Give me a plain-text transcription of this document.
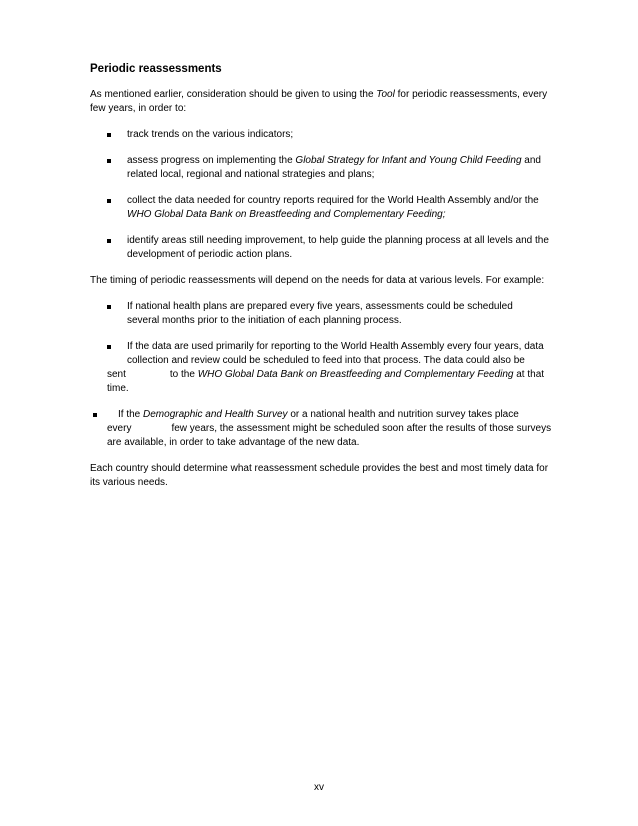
Periodic reassessments

As mentioned earlier, consideration should be given to using the Tool for periodic reassessments, every few years, in order to:

track trends on the various indicators;
assess progress on implementing the Global Strategy for Infant and Young Child Feeding and related local, regional and national strategies and plans;
collect the data needed for country reports required for the World Health Assembly and/or the WHO Global Data Bank on Breastfeeding and Complementary Feeding;
identify areas still needing improvement, to help guide the planning process at all levels and the development of periodic action plans.

The timing of periodic reassessments will depend on the needs for data at various levels. For example:

If national health plans are prepared every five years, assessments could be scheduled
several months prior to the initiation of each planning process.
If the data are used primarily for reporting to the World Health Assembly every four years, data
collection and review could be scheduled to feed into that process. The data could also be
sent	to the WHO Global Data Bank on Breastfeeding and Complementary Feeding at that
time.
If the Demographic and Health Survey or a national health and nutrition survey takes place
every	few years, the assessment might be scheduled soon after the results of those surveys
are available, in order to take advantage of the new data.

Each country should determine what reassessment schedule provides the best and most timely data for its various needs.

xv
